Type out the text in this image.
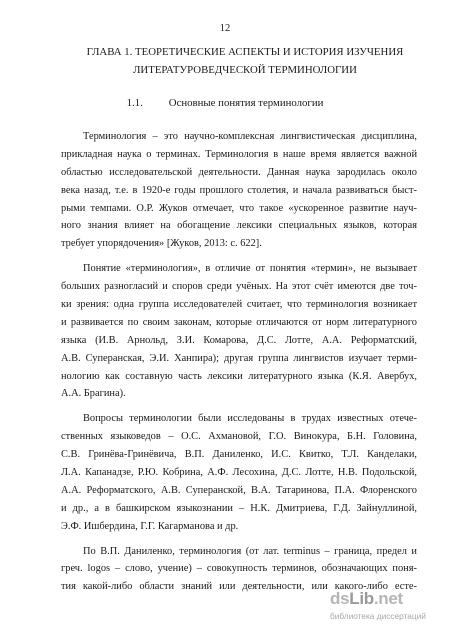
12
ГЛАВА 1. ТЕОРЕТИЧЕСКИЕ АСПЕКТЫ И ИСТОРИЯ ИЗУЧЕНИЯ
ЛИТЕРАТУРОВЕДЧЕСКОЙ ТЕРМИНОЛОГИИ
1.1. Основные понятия терминологии
Терминология – это научно-комплексная лингвистическая дисциплина,
прикладная наука о терминах. Терминология в наше время является важной
областью исследовательской деятельности. Данная наука зародилась около
века назад, т.е. в 1920-е годы прошлого столетия, и начала развиваться быст-
рыми темпами. О.Р. Жуков отмечает, что такое «ускоренное развитие науч-
ного знания влияет на обогащение лексики специальных языков, которая
требует упорядочения» [Жуков, 2013: с. 622].
Понятие «терминология», в отличие от понятия «термин», не вызывает
больших разногласий и споров среди учёных. На этот счёт имеются две точ-
ки зрения: одна группа исследователей считает, что терминология возникает
и развивается по своим законам, которые отличаются от норм литературного
языка (И.В. Арнольд, З.И. Комарова, Д.С. Лотте, А.А. Реформатский,
А.В. Суперанская, Э.И. Ханпира); другая группа лингвистов изучает терми-
нологию как составную часть лексики литературного языка (К.Я. Авербух,
А.А. Брагина).
Вопросы терминологии были исследованы в трудах известных отече-
ственных языковедов – О.С. Ахмановой, Г.О. Винокура, Б.Н. Головина,
С.В. Гринёва-Гринёвича, В.П. Даниленко, И.С. Квитко, Т.Л. Канделаки,
Л.А. Капанадзе, Р.Ю. Кобрина, А.Ф. Лесохина, Д.С. Лотте, Н.В. Подольской,
А.А. Реформатского, А.В. Суперанской, В.А. Татаринова, П.А. Флоренского
и др., а в башкирском языкознании – Н.К. Дмитриева, Г.Д. Зайнуллиной,
Э.Ф. Ишбердина, Г.Г. Кагарманова и др.
По В.П. Даниленко, терминология (от лат. terminus – граница, предел и
греч. logos – слово, учение) – совокупность терминов, обозначающих поня-
тия какой-либо области знаний или деятельности, или какого-либо есте-
dsLib.net
библиотека диссертаций
